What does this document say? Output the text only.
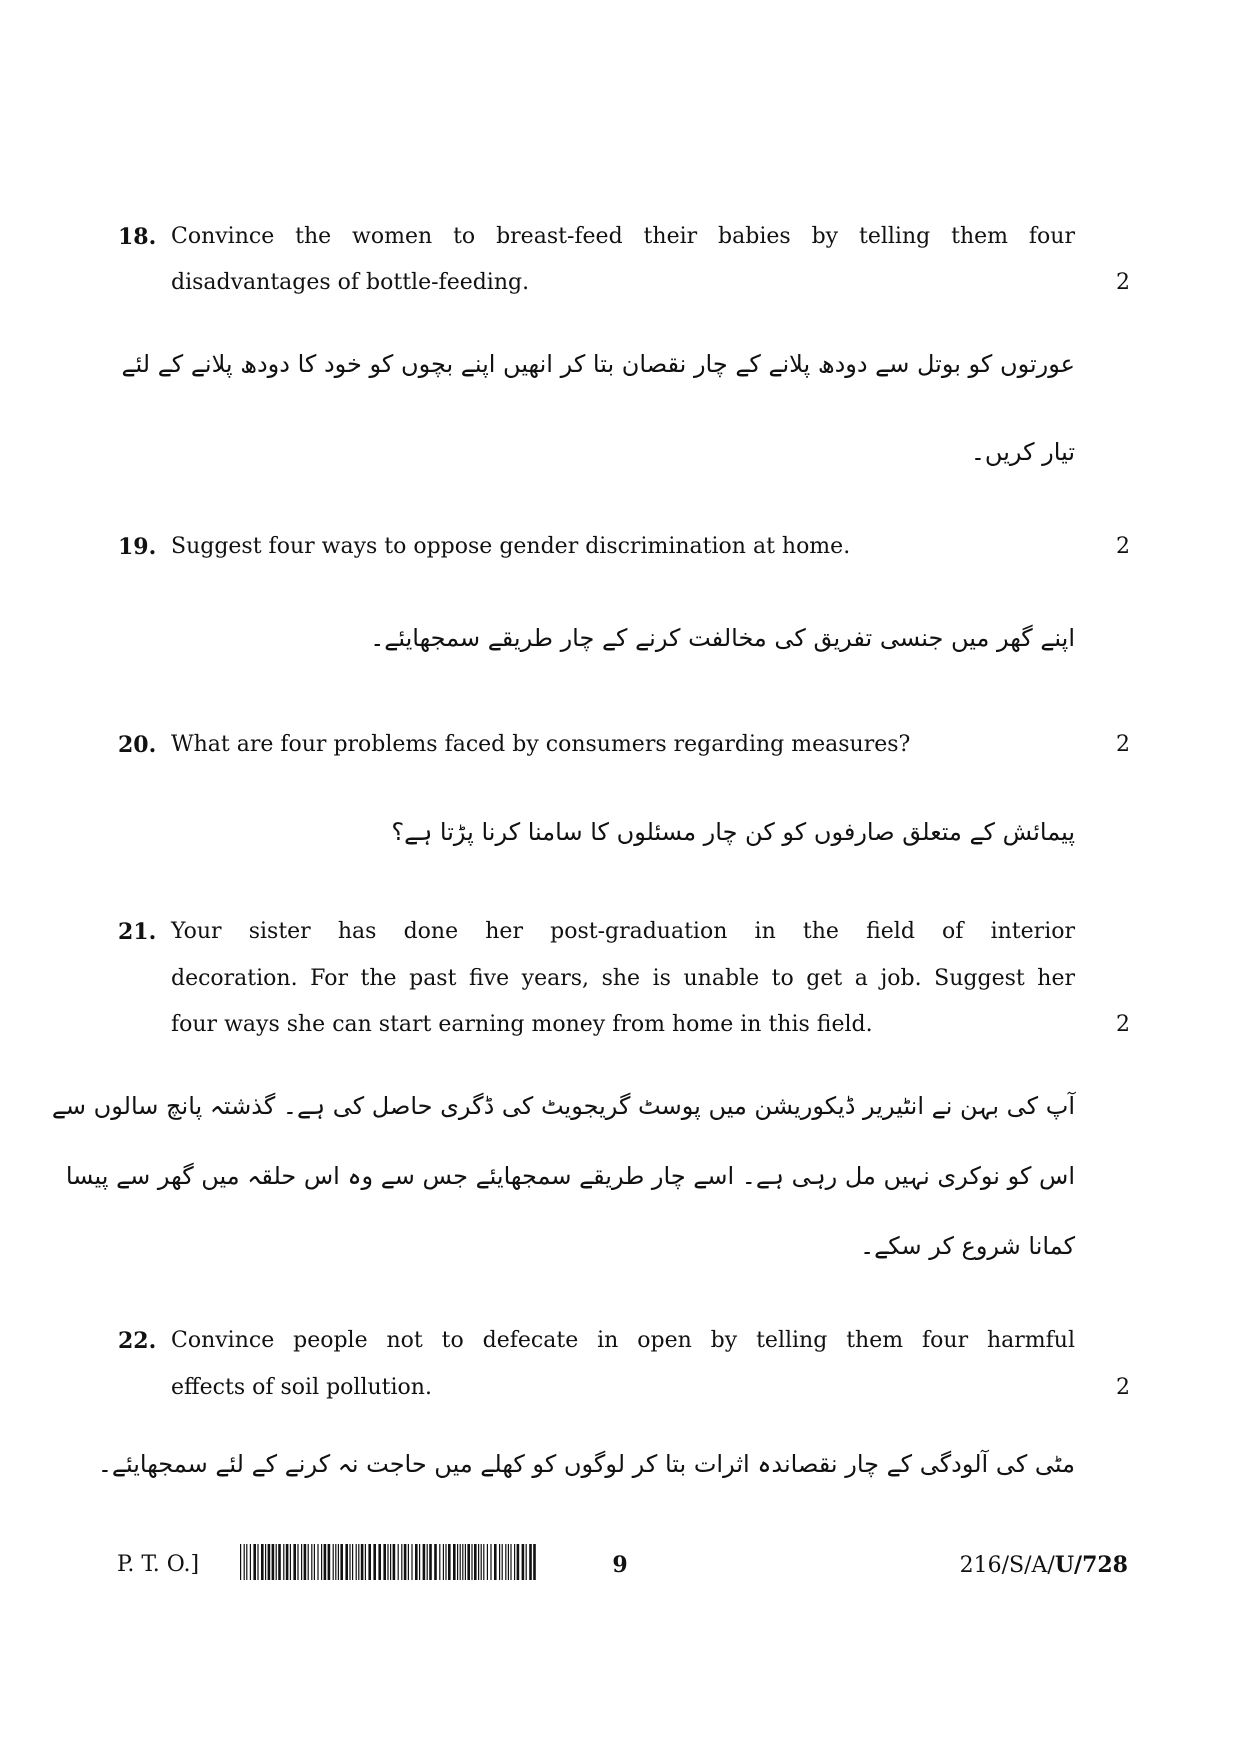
18. Convince the women to breast-feed their babies by telling them four
disadvantages of bottle-feeding.	2
عورتوں کو بوتل سے دودھ پلانے کے چار نقصان بتا کر انھیں اپنے بچوں کو خود کا دودھ پلانے کے لئے
تیار کریں۔
19. Suggest four ways to oppose gender discrimination at home.	2
اپنے گھر میں جنسی تفریق کی مخالفت کرنے کے چار طریقے سمجھایئے۔
20. What are four problems faced by consumers regarding measures?	2
پیمائش کے متعلق صارفوں کو کن چار مسئلوں کا سامنا کرنا پڑتا ہے؟
21. Your sister has done her post-graduation in the field of interior
decoration. For the past five years, she is unable to get a job. Suggest her
four ways she can start earning money from home in this field.	2
آپ کی بہن نے انٹیریر ڈیکوریشن میں پوسٹ گریجویٹ کی ڈگری حاصل کی ہے۔ گذشتہ پانچ سالوں سے
اس کو نوکری نہیں مل رہی ہے۔ اسے چار طریقے سمجھایئے جس سے وہ اس حلقہ میں گھر سے پیسا
کمانا شروع کر سکے۔
22. Convince people not to defecate in open by telling them four harmful
effects of soil pollution.	2
مٹی کی آلودگی کے چار نقصاندہ اثرات بتا کر لوگوں کو کھلے میں حاجت نہ کرنے کے لئے سمجھایئے۔
P. T. O.]	9	216/S/A/U/728
